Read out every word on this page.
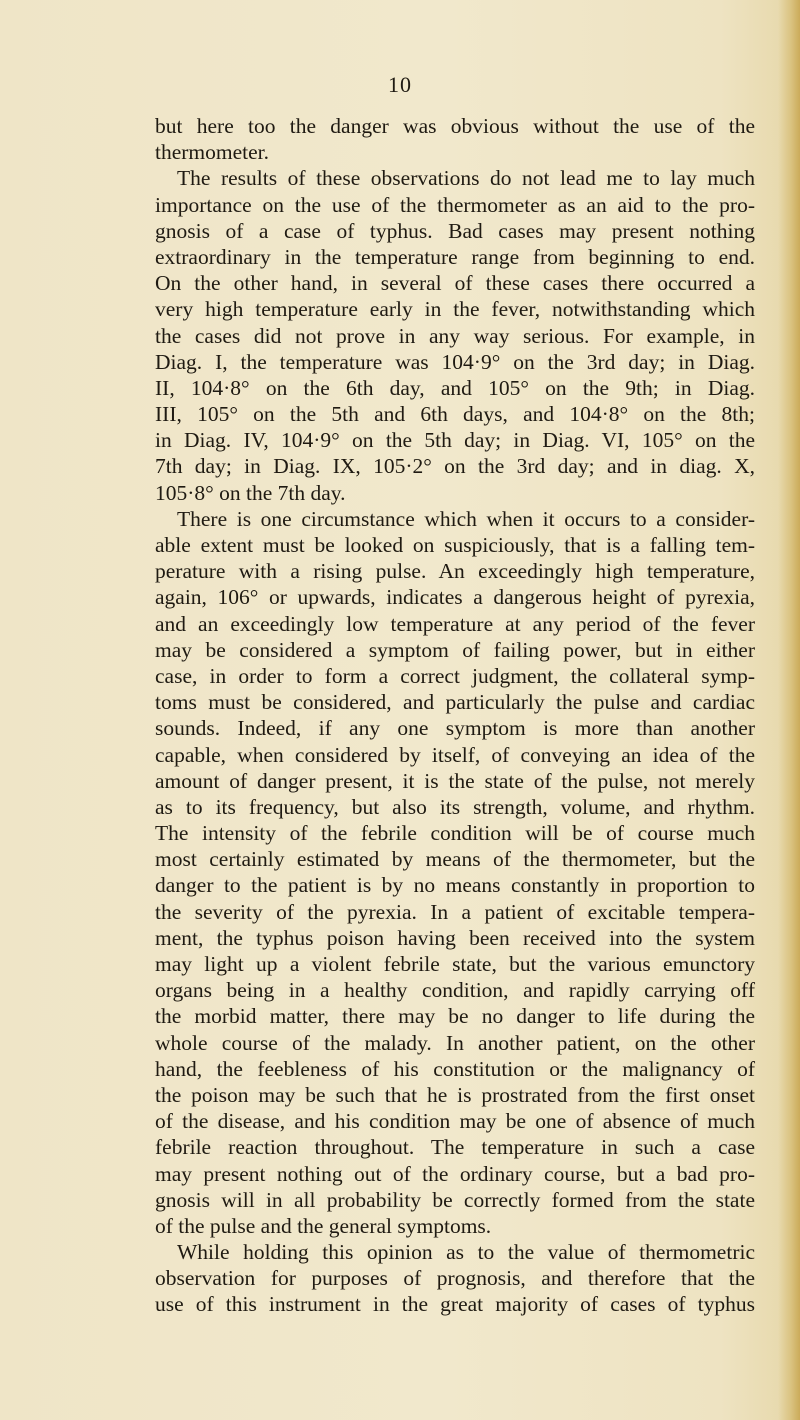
10
but here too the danger was obvious without the use of the
thermometer.
The results of these observations do not lead me to lay much
importance on the use of the thermometer as an aid to the pro-
gnosis of a case of typhus. Bad cases may present nothing
extraordinary in the temperature range from beginning to end.
On the other hand, in several of these cases there occurred a
very high temperature early in the fever, notwithstanding which
the cases did not prove in any way serious. For example, in
Diag. I, the temperature was 104·9° on the 3rd day; in Diag.
II, 104·8° on the 6th day, and 105° on the 9th; in Diag.
III, 105° on the 5th and 6th days, and 104·8° on the 8th;
in Diag. IV, 104·9° on the 5th day; in Diag. VI, 105° on the
7th day; in Diag. IX, 105·2° on the 3rd day; and in diag. X,
105·8° on the 7th day.
There is one circumstance which when it occurs to a consider-
able extent must be looked on suspiciously, that is a falling tem-
perature with a rising pulse. An exceedingly high temperature,
again, 106° or upwards, indicates a dangerous height of pyrexia,
and an exceedingly low temperature at any period of the fever
may be considered a symptom of failing power, but in either
case, in order to form a correct judgment, the collateral symp-
toms must be considered, and particularly the pulse and cardiac
sounds. Indeed, if any one symptom is more than another
capable, when considered by itself, of conveying an idea of the
amount of danger present, it is the state of the pulse, not merely
as to its frequency, but also its strength, volume, and rhythm.
The intensity of the febrile condition will be of course much
most certainly estimated by means of the thermometer, but the
danger to the patient is by no means constantly in proportion to
the severity of the pyrexia. In a patient of excitable tempera-
ment, the typhus poison having been received into the system
may light up a violent febrile state, but the various emunctory
organs being in a healthy condition, and rapidly carrying off
the morbid matter, there may be no danger to life during the
whole course of the malady. In another patient, on the other
hand, the feebleness of his constitution or the malignancy of
the poison may be such that he is prostrated from the first onset
of the disease, and his condition may be one of absence of much
febrile reaction throughout. The temperature in such a case
may present nothing out of the ordinary course, but a bad pro-
gnosis will in all probability be correctly formed from the state
of the pulse and the general symptoms.
While holding this opinion as to the value of thermometric
observation for purposes of prognosis, and therefore that the
use of this instrument in the great majority of cases of typhus
